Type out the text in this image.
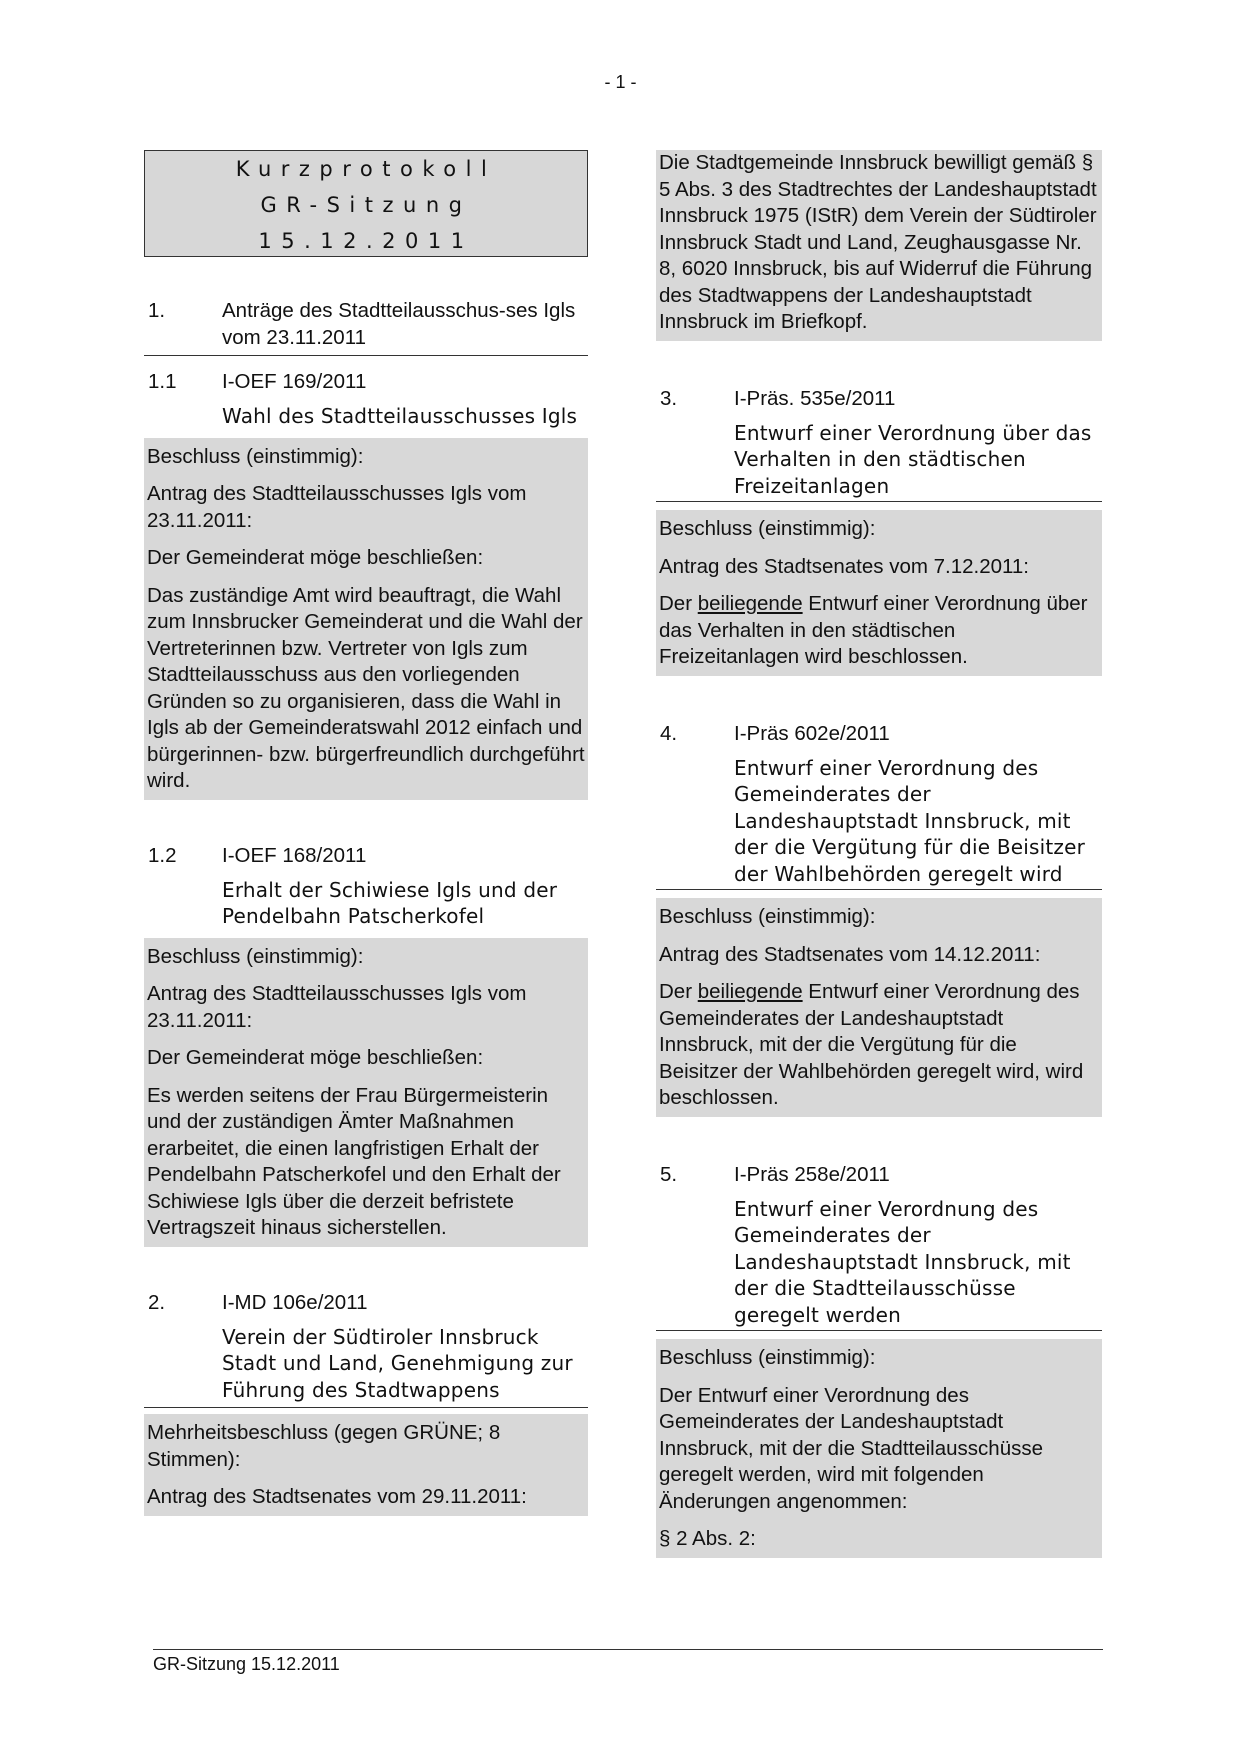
- 1 -
Kurzprotokoll
GR-Sitzung
15.12.2011
1.	Anträge des Stadtteilausschus-ses Igls vom 23.11.2011
1.1	I-OEF 169/2011
Wahl des Stadtteilausschusses Igls
Beschluss (einstimmig):
Antrag des Stadtteilausschusses Igls vom 23.11.2011:
Der Gemeinderat möge beschließen:
Das zuständige Amt wird beauftragt, die Wahl zum Innsbrucker Gemeinderat und die Wahl der Vertreterinnen bzw. Vertreter von Igls zum Stadtteilausschuss aus den vorliegenden Gründen so zu organisieren, dass die Wahl in Igls ab der Gemeinderatswahl 2012 einfach und bürgerinnen- bzw. bürgerfreundlich durchgeführt wird.
1.2	I-OEF 168/2011
Erhalt der Schiwiese Igls und der Pendelbahn Patscherkofel
Beschluss (einstimmig):
Antrag des Stadtteilausschusses Igls vom 23.11.2011:
Der Gemeinderat möge beschließen:
Es werden seitens der Frau Bürgermeisterin und der zuständigen Ämter Maßnahmen erarbeitet, die einen langfristigen Erhalt der Pendelbahn Patscherkofel und den Erhalt der Schiwiese Igls über die derzeit befristete Vertragszeit hinaus sicherstellen.
2.	I-MD 106e/2011
Verein der Südtiroler Innsbruck Stadt und Land, Genehmigung zur Führung des Stadtwappens
Mehrheitsbeschluss (gegen GRÜNE; 8 Stimmen):
Antrag des Stadtsenates vom 29.11.2011:
Die Stadtgemeinde Innsbruck bewilligt gemäß § 5 Abs. 3 des Stadtrechtes der Landeshauptstadt Innsbruck 1975 (IStR) dem Verein der Südtiroler Innsbruck Stadt und Land, Zeughausgasse Nr. 8, 6020 Innsbruck, bis auf Widerruf die Führung des Stadtwappens der Landeshauptstadt Innsbruck im Briefkopf.
3.	I-Präs. 535e/2011
Entwurf einer Verordnung über das Verhalten in den städtischen Freizeitanlagen
Beschluss (einstimmig):
Antrag des Stadtsenates vom 7.12.2011:
Der beiliegende Entwurf einer Verordnung über das Verhalten in den städtischen Freizeitanlagen wird beschlossen.
4.	I-Präs 602e/2011
Entwurf einer Verordnung des Gemeinderates der Landeshauptstadt Innsbruck, mit der die Vergütung für die Beisitzer der Wahlbehörden geregelt wird
Beschluss (einstimmig):
Antrag des Stadtsenates vom 14.12.2011:
Der beiliegende Entwurf einer Verordnung des Gemeinderates der Landeshauptstadt Innsbruck, mit der die Vergütung für die Beisitzer der Wahlbehörden geregelt wird, wird beschlossen.
5.	I-Präs 258e/2011
Entwurf einer Verordnung des Gemeinderates der Landeshauptstadt Innsbruck, mit der die Stadtteilausschüsse geregelt werden
Beschluss (einstimmig):
Der Entwurf einer Verordnung des Gemeinderates der Landeshauptstadt Innsbruck, mit der die Stadtteilausschüsse geregelt werden, wird mit folgenden Änderungen angenommen:
§ 2 Abs. 2:
GR-Sitzung 15.12.2011
